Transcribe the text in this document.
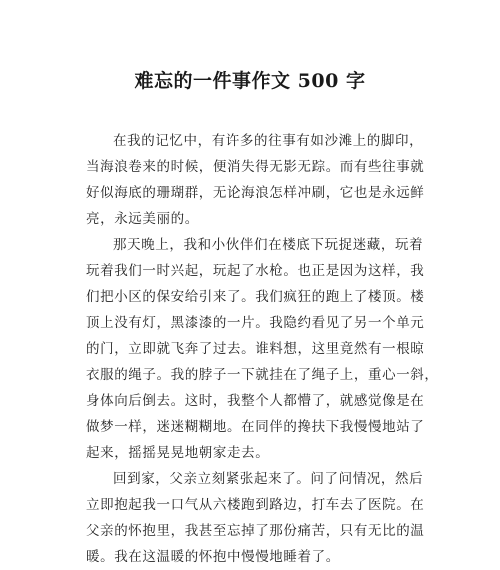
难忘的一件事作文 500 字
在我的记忆中，有许多的往事有如沙滩上的脚印，
当海浪卷来的时候，便消失得无影无踪。而有些往事就
好似海底的珊瑚群，无论海浪怎样冲刷，它也是永远鲜
亮，永远美丽的。
那天晚上，我和小伙伴们在楼底下玩捉迷藏，玩着
玩着我们一时兴起，玩起了水枪。也正是因为这样，我
们把小区的保安给引来了。我们疯狂的跑上了楼顶。楼
顶上没有灯，黑漆漆的一片。我隐约看见了另一个单元
的门，立即就飞奔了过去。谁料想，这里竟然有一根晾
衣服的绳子。我的脖子一下就挂在了绳子上，重心一斜，
身体向后倒去。这时，我整个人都懵了，就感觉像是在
做梦一样，迷迷糊糊地。在同伴的搀扶下我慢慢地站了
起来，摇摇晃晃地朝家走去。
回到家，父亲立刻紧张起来了。问了问情况，然后
立即抱起我一口气从六楼跑到路边，打车去了医院。在
父亲的怀抱里，我甚至忘掉了那份痛苦，只有无比的温
暖。我在这温暖的怀抱中慢慢地睡着了。
